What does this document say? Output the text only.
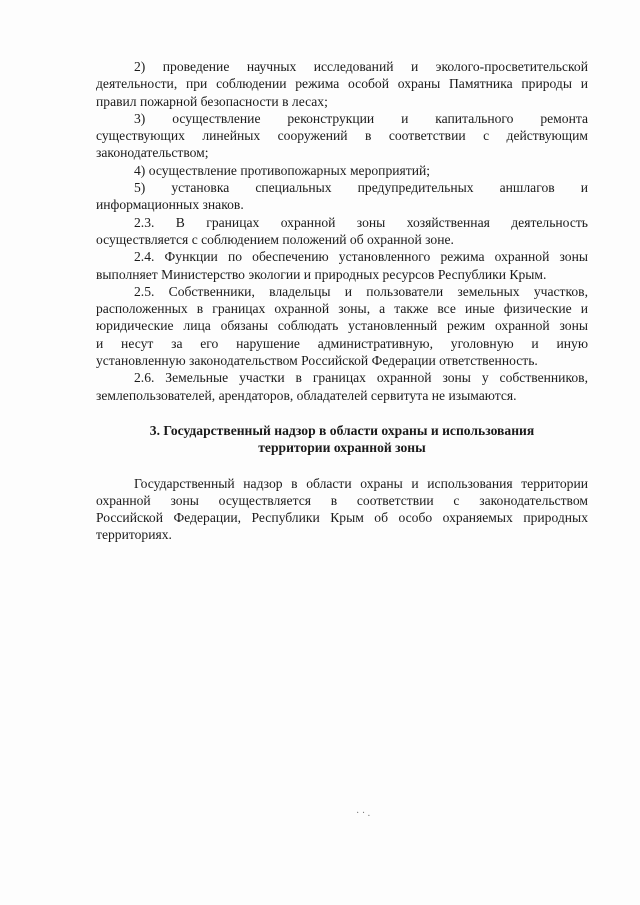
2) проведение научных исследований и эколого-просветительской

деятельности, при соблюдении режима особой охраны Памятника природы и

правил пожарной безопасности в лесах;

3) осуществление реконструкции и капитального ремонта

существующих линейных сооружений в соответствии с действующим

законодательством;

4) осуществление противопожарных мероприятий;

5) установка специальных предупредительных аншлагов и

информационных знаков.

2.3. В границах охранной зоны хозяйственная деятельность

осуществляется с соблюдением положений об охранной зоне.

2.4. Функции по обеспечению установленного режима охранной зоны

выполняет Министерство экологии и природных ресурсов Республики Крым.

2.5. Собственники, владельцы и пользователи земельных участков,

расположенных в границах охранной зоны, а также все иные физические и

юридические лица обязаны соблюдать установленный режим охранной зоны

и несут за его нарушение административную, уголовную и иную

установленную законодательством Российской Федерации ответственность.

2.6. Земельные участки в границах охранной зоны у собственников,

землепользователей, арендаторов, обладателей сервитута не изымаются.

3. Государственный надзор в области охраны и использования
территории охранной зоны

Государственный надзор в области охраны и использования территории

охранной зоны осуществляется в соответствии с законодательством

Российской Федерации, Республики Крым об особо охраняемых природных

территориях.

· · .
